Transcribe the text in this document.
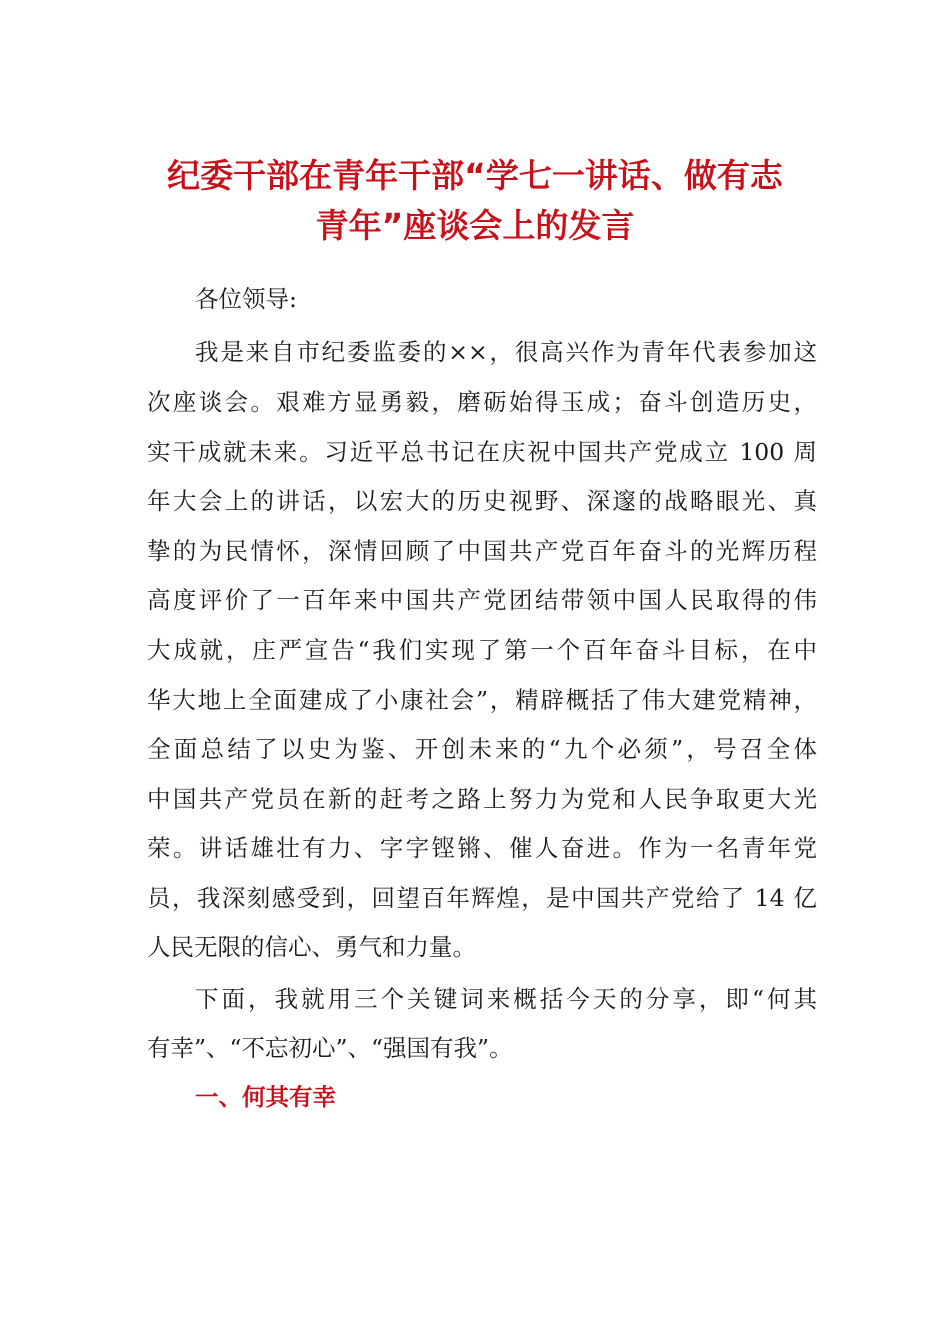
纪委干部在青年干部“学七一讲话、做有志
青年”座谈会上的发言
各位领导:
我是来自市纪委监委的××，很高兴作为青年代表参加这
次座谈会。艰难方显勇毅，磨砺始得玉成；奋斗创造历史，
实干成就未来。习近平总书记在庆祝中国共产党成立 100 周
年大会上的讲话，以宏大的历史视野、深邃的战略眼光、真
挚的为民情怀，深情回顾了中国共产党百年奋斗的光辉历程
高度评价了一百年来中国共产党团结带领中国人民取得的伟
大成就，庄严宣告“我们实现了第一个百年奋斗目标，在中
华大地上全面建成了小康社会”，精辟概括了伟大建党精神，
全面总结了以史为鉴、开创未来的“九个必须”，号召全体
中国共产党员在新的赶考之路上努力为党和人民争取更大光
荣。讲话雄壮有力、字字铿锵、催人奋进。作为一名青年党
员，我深刻感受到，回望百年辉煌，是中国共产党给了 14 亿
人民无限的信心、勇气和力量。
下面，我就用三个关键词来概括今天的分享，即“何其
有幸”、“不忘初心”、“强国有我”。
一、何其有幸
